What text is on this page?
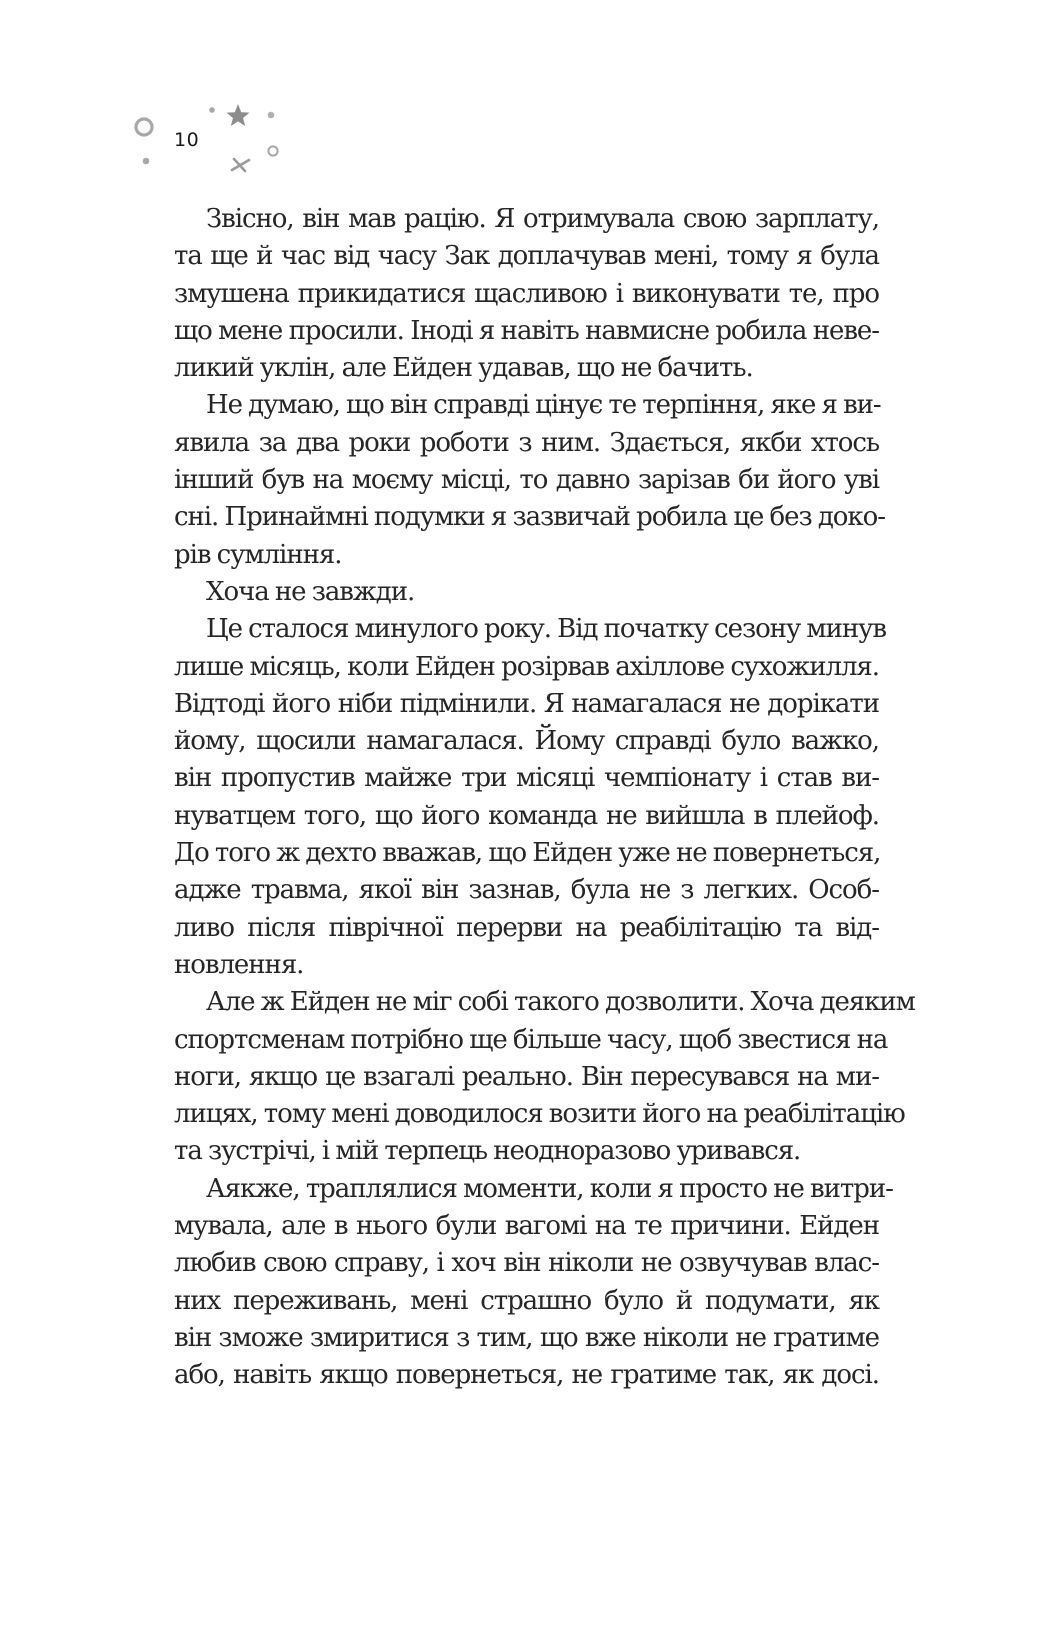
10
Звісно, він мав рацію. Я отримувала свою зарплату,
та ще й час від часу Зак доплачував мені, тому я була
змушена прикидатися щасливою і виконувати те, про
що мене просили. Іноді я навіть навмисне робила неве-
ликий уклін, але Ейден удавав, що не бачить.
Не думаю, що він справді цінує те терпіння, яке я ви-
явила за два роки роботи з ним. Здається, якби хтось
інший був на моєму місці, то давно зарізав би його уві
сні. Принаймні подумки я зазвичай робила це без доко-
рів сумління.
Хоча не завжди.
Це сталося минулого року. Від початку сезону минув
лише місяць, коли Ейден розірвав ахіллове сухожилля.
Відтоді його ніби підмінили. Я намагалася не дорікати
йому, щосили намагалася. Йому справді було важко,
він пропустив майже три місяці чемпіонату і став ви-
нуватцем того, що його команда не вийшла в плейоф.
До того ж дехто вважав, що Ейден уже не повернеться,
адже травма, якої він зазнав, була не з легких. Особ-
ливо після піврічної перерви на реабілітацію та від-
новлення.
Але ж Ейден не міг собі такого дозволити. Хоча деяким
спортсменам потрібно ще більше часу, щоб звестися на
ноги, якщо це взагалі реально. Він пересувався на ми-
лицях, тому мені доводилося возити його на реабілітацію
та зустрічі, і мій терпець неодноразово уривався.
Аякже, траплялися моменти, коли я просто не витри-
мувала, але в нього були вагомі на те причини. Ейден
любив свою справу, і хоч він ніколи не озвучував влас-
них переживань, мені страшно було й подумати, як
він зможе змиритися з тим, що вже ніколи не гратиме
або, навіть якщо повернеться, не гратиме так, як досі.
